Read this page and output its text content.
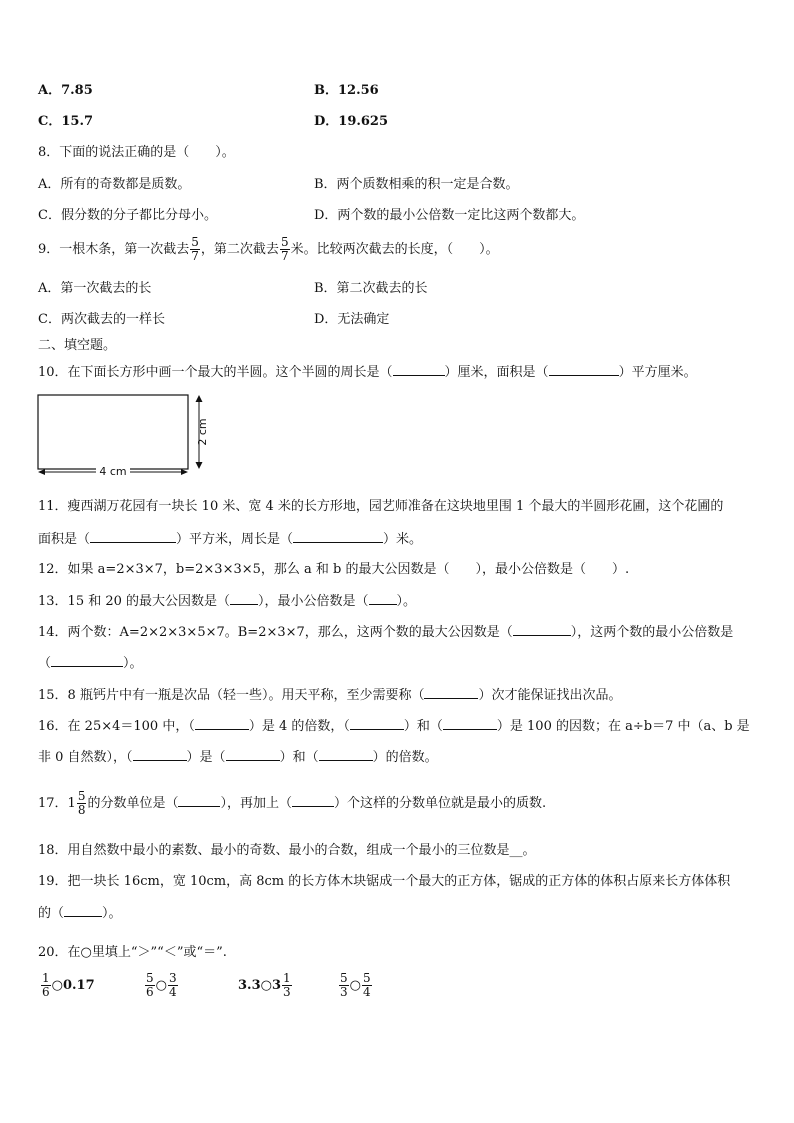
A．7.85	B．12.56
C．15.7	D．19.625
8．下面的说法正确的是（　　）。
A．所有的奇数都是质数。	B．两个质数相乘的积一定是合数。
C．假分数的分子都比分母小。	D．两个数的最小公倍数一定比这两个数都大。
9．一根木条，第一次截去 $\frac{5}{7}$ ，第二次截去 $\frac{5}{7}$ 米。比较两次截去的长度，（　　）。
A．第一次截去的长	B．第二次截去的长
C．两次截去的一样长	D．无法确定
二、填空题。
10．在下面长方形中画一个最大的半圆。这个半圆的周长是（	）厘米，面积是（	）平方厘米。
2 cm
4 cm
11．瘦西湖万花园有一块长 10 米、宽 4 米的长方形地，园艺师准备在这块地里围 1 个最大的半圆形花圃，这个花圃的
面积是（	）平方米，周长是（	）米。
12．如果 a=2×3×7，b=2×3×3×5，那么 a 和 b 的最大公因数是（　　），最小公倍数是（　　）.
13．15 和 20 的最大公因数是（ ），最小公倍数是（ ）。
14．两个数：A=2×2×3×5×7。B=2×3×7，那么，这两个数的最大公因数是（	），这两个数的最小公倍数是
（	）。
15．8 瓶钙片中有一瓶是次品（轻一些）。用天平称，至少需要称（	）次才能保证找出次品。
16．在 25×4＝100 中，（	）是 4 的倍数，（	）和（	）是 100 的因数；在 a÷b＝7 中（a、b 是
非 0 自然数），（	）是（	）和（	）的倍数。
17．$1 \frac{5}{8}$ 的分数单位是（	），再加上（	）个这样的分数单位就是最小的质数.
18．用自然数中最小的素数、最小的奇数、最小的合数，组成一个最小的三位数是__。
19．把一块长 16cm，宽 10cm，高 8cm 的长方体木块锯成一个最大的正方体，锯成的正方体的体积占原来长方体体积
的（	）。
20．在○里填上“＞”“＜”或“＝”.
$\frac{1}{6}$ ○0.17	$\frac{5}{6}$ ○ $\frac{3}{4}$	3.3○3 $\frac{1}{3}$	$\frac{5}{3}$ ○ $\frac{5}{4}$
